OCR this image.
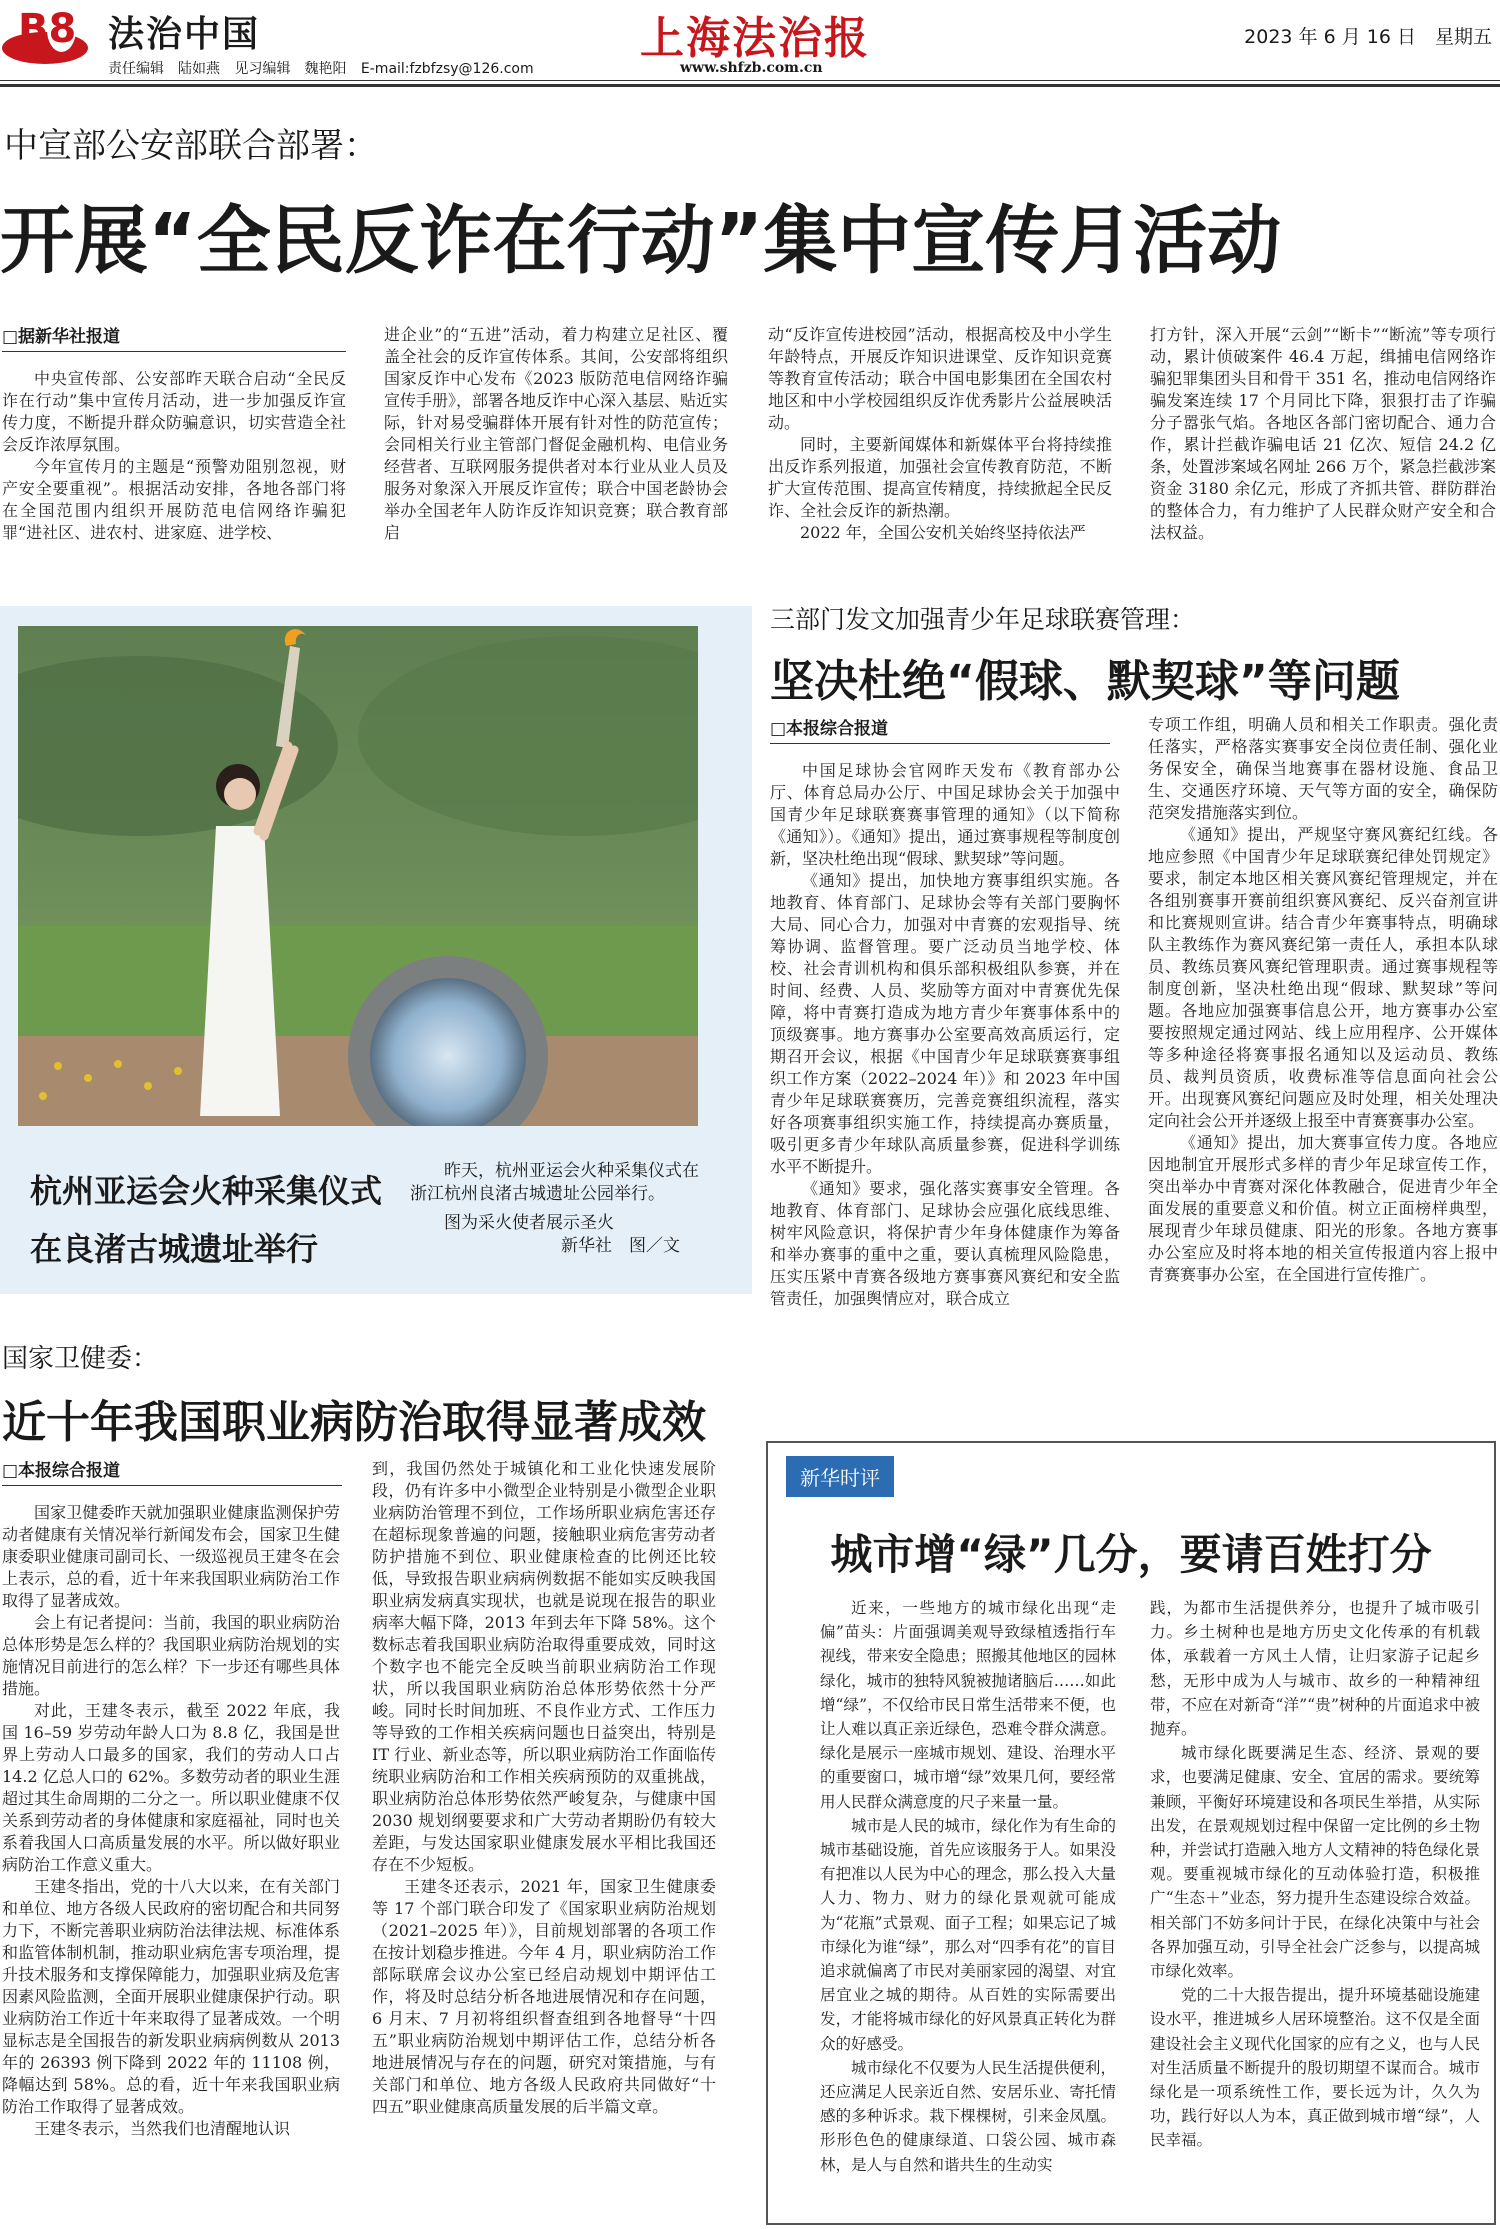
B8 法治中国
责任编辑　陆如燕 见习编辑　魏艳阳 E-mail:fzbfzsy@126.com
上海法治报
www.shfzb.com.cn
2023 年 6 月 16 日　星期五
中宣部公安部联合部署：
开展“全民反诈在行动”集中宣传月活动
□据新华社报道

中央宣传部、公安部昨天联合启动“全民反诈在行动”集中宣传月活动，进一步加强反诈宣传力度，不断提升群众防骗意识，切实营造全社会反诈浓厚氛围。

今年宣传月的主题是“预警劝阻别忽视，财产安全要重视”。根据活动安排，各地各部门将在全国范围内组织开展防范电信网络诈骗犯罪“进社区、进农村、进家庭、进学校、

进企业”的“五进”活动，着力构建立足社区、覆盖全社会的反诈宣传体系。其间，公安部将组织国家反诈中心发布《2023 版防范电信网络诈骗宣传手册》，部署各地反诈中心深入基层、贴近实际，针对易受骗群体开展有针对性的防范宣传；会同相关行业主管部门督促金融机构、电信业务经营者、互联网服务提供者对本行业从业人员及服务对象深入开展反诈宣传；联合中国老龄协会举办全国老年人防诈反诈知识竞赛；联合教育部启

动“反诈宣传进校园”活动，根据高校及中小学生年龄特点，开展反诈知识进课堂、反诈知识竞赛等教育宣传活动；联合中国电影集团在全国农村地区和中小学校园组织反诈优秀影片公益展映活动。

同时，主要新闻媒体和新媒体平台将持续推出反诈系列报道，加强社会宣传教育防范，不断扩大宣传范围、提高宣传精度，持续掀起全民反诈、全社会反诈的新热潮。

2022 年，全国公安机关始终坚持依法严

打方针，深入开展“云剑”“断卡”“断流”等专项行动，累计侦破案件 46.4 万起，缉捕电信网络诈骗犯罪集团头目和骨干 351 名，推动电信网络诈骗发案连续 17 个月同比下降，狠狠打击了诈骗分子嚣张气焰。各地区各部门密切配合、通力合作，累计拦截诈骗电话 21 亿次、短信 24.2 亿条，处置涉案域名网址 266 万个，紧急拦截涉案资金 3180 余亿元，形成了齐抓共管、群防群治的整体合力，有力维护了人民群众财产安全和合法权益。

杭州亚运会火种采集仪式在良渚古城遗址举行

昨天，杭州亚运会火种采集仪式在浙江杭州良渚古城遗址公园举行。

图为采火使者展示圣火

新华社　图／文

三部门发文加强青少年足球联赛管理：
坚决杜绝“假球、默契球”等问题
□本报综合报道

中国足球协会官网昨天发布《教育部办公厅、体育总局办公厅、中国足球协会关于加强中国青少年足球联赛赛事管理的通知》（以下简称《通知》）。《通知》提出，通过赛事规程等制度创新，坚决杜绝出现“假球、默契球”等问题。

《通知》提出，加快地方赛事组织实施。各地教育、体育部门、足球协会等有关部门要胸怀大局、同心合力，加强对中青赛的宏观指导、统筹协调、监督管理。要广泛动员当地学校、体校、社会青训机构和俱乐部积极组队参赛，并在时间、经费、人员、奖励等方面对中青赛优先保障，将中青赛打造成为地方青少年赛事体系中的顶级赛事。地方赛事办公室要高效高质运行，定期召开会议，根据《中国青少年足球联赛赛事组织工作方案（2022–2024 年）》和 2023 年中国青少年足球联赛赛历，完善竞赛组织流程，落实好各项赛事组织实施工作，持续提高办赛质量，吸引更多青少年球队高质量参赛，促进科学训练水平不断提升。

《通知》要求，强化落实赛事安全管理。各地教育、体育部门、足球协会应强化底线思维、树牢风险意识，将保护青少年身体健康作为筹备和举办赛事的重中之重，要认真梳理风险隐患，压实压紧中青赛各级地方赛事赛风赛纪和安全监管责任，加强舆情应对，联合成立

专项工作组，明确人员和相关工作职责。强化责任落实，严格落实赛事安全岗位责任制、强化业务保安全，确保当地赛事在器材设施、食品卫生、交通医疗环境、天气等方面的安全，确保防范突发措施落实到位。

《通知》提出，严规坚守赛风赛纪红线。各地应参照《中国青少年足球联赛纪律处罚规定》要求，制定本地区相关赛风赛纪管理规定，并在各组别赛事开赛前组织赛风赛纪、反兴奋剂宣讲和比赛规则宣讲。结合青少年赛事特点，明确球队主教练作为赛风赛纪第一责任人，承担本队球员、教练员赛风赛纪管理职责。通过赛事规程等制度创新，坚决杜绝出现“假球、默契球”等问题。各地应加强赛事信息公开，地方赛事办公室要按照规定通过网站、线上应用程序、公开媒体等多种途径将赛事报名通知以及运动员、教练员、裁判员资质，收费标准等信息面向社会公开。出现赛风赛纪问题应及时处理，相关处理决定向社会公开并逐级上报至中青赛赛事办公室。

《通知》提出，加大赛事宣传力度。各地应因地制宜开展形式多样的青少年足球宣传工作，突出举办中青赛对深化体教融合，促进青少年全面发展的重要意义和价值。树立正面榜样典型，展现青少年球员健康、阳光的形象。各地方赛事办公室应及时将本地的相关宣传报道内容上报中青赛赛事办公室，在全国进行宣传推广。

国家卫健委：
近十年我国职业病防治取得显著成效
□本报综合报道

国家卫健委昨天就加强职业健康监测保护劳动者健康有关情况举行新闻发布会，国家卫生健康委职业健康司副司长、一级巡视员王建冬在会上表示，总的看，近十年来我国职业病防治工作取得了显著成效。

会上有记者提问：当前，我国的职业病防治总体形势是怎么样的？我国职业病防治规划的实施情况目前进行的怎么样？下一步还有哪些具体措施。

对此，王建冬表示，截至 2022 年底，我国 16–59 岁劳动年龄人口为 8.8 亿，我国是世界上劳动人口最多的国家，我们的劳动人口占 14.2 亿总人口的 62%。多数劳动者的职业生涯超过其生命周期的二分之一。所以职业健康不仅关系到劳动者的身体健康和家庭福祉，同时也关系着我国人口高质量发展的水平。所以做好职业病防治工作意义重大。

王建冬指出，党的十八大以来，在有关部门和单位、地方各级人民政府的密切配合和共同努力下，不断完善职业病防治法律法规、标准体系和监管体制机制，推动职业病危害专项治理，提升技术服务和支撑保障能力，加强职业病及危害因素风险监测，全面开展职业健康保护行动。职业病防治工作近十年来取得了显著成效。一个明显标志是全国报告的新发职业病病例数从 2013 年的 26393 例下降到 2022 年的 11108 例，降幅达到 58%。总的看，近十年来我国职业病防治工作取得了显著成效。

王建冬表示，当然我们也清醒地认识

到，我国仍然处于城镇化和工业化快速发展阶段，仍有许多中小微型企业特别是小微型企业职业病防治管理不到位，工作场所职业病危害还存在超标现象普遍的问题，接触职业病危害劳动者防护措施不到位、职业健康检查的比例还比较低，导致报告职业病病例数据不能如实反映我国职业病发病真实现状，也就是说现在报告的职业病率大幅下降，2013 年到去年下降 58%。这个数标志着我国职业病防治取得重要成效，同时这个数字也不能完全反映当前职业病防治工作现状，所以我国职业病防治总体形势依然十分严峻。同时长时间加班、不良作业方式、工作压力等导致的工作相关疾病问题也日益突出，特别是 IT 行业、新业态等，所以职业病防治工作面临传统职业病防治和工作相关疾病预防的双重挑战，职业病防治总体形势依然严峻复杂，与健康中国 2030 规划纲要要求和广大劳动者期盼仍有较大差距，与发达国家职业健康发展水平相比我国还存在不少短板。

王建冬还表示，2021 年，国家卫生健康委等 17 个部门联合印发了《国家职业病防治规划（2021–2025 年）》，目前规划部署的各项工作在按计划稳步推进。今年 4 月，职业病防治工作部际联席会议办公室已经启动规划中期评估工作，将及时总结分析各地进展情况和存在问题，6 月末、7 月初将组织督查组到各地督导“十四五”职业病防治规划中期评估工作，总结分析各地进展情况与存在的问题，研究对策措施，与有关部门和单位、地方各级人民政府共同做好“十四五”职业健康高质量发展的后半篇文章。

新华时评
城市增“绿”几分，要请百姓打分

近来，一些地方的城市绿化出现“走偏”苗头：片面强调美观导致绿植透指行车视线，带来安全隐患；照搬其他地区的园林绿化，城市的独特风貌被抛诸脑后……如此增“绿”，不仅给市民日常生活带来不便，也让人难以真正亲近绿色，恐难令群众满意。绿化是展示一座城市规划、建设、治理水平的重要窗口，城市增“绿”效果几何，要经常用人民群众满意度的尺子来量一量。

城市是人民的城市，绿化作为有生命的城市基础设施，首先应该服务于人。如果没有把准以人民为中心的理念，那么投入大量人力、物力、财力的绿化景观就可能成为“花瓶”式景观、面子工程；如果忘记了城市绿化为谁“绿”，那么对“四季有花”的盲目追求就偏离了市民对美丽家园的渴望、对宜居宜业之城的期待。从百姓的实际需要出发，才能将城市绿化的好风景真正转化为群众的好感受。

城市绿化不仅要为人民生活提供便利，还应满足人民亲近自然、安居乐业、寄托情感的多种诉求。栽下棵棵树，引来金凤凰。形形色色的健康绿道、口袋公园、城市森林，是人与自然和谐共生的生动实

践，为都市生活提供养分，也提升了城市吸引力。乡土树种也是地方历史文化传承的有机载体，承载着一方风土人情，让归家游子记起乡愁，无形中成为人与城市、故乡的一种精神纽带，不应在对新奇“洋”“贵”树种的片面追求中被抛弃。

城市绿化既要满足生态、经济、景观的要求，也要满足健康、安全、宜居的需求。要统筹兼顾，平衡好环境建设和各项民生举措，从实际出发，在景观规划过程中保留一定比例的乡土物种，并尝试打造融入地方人文精神的特色绿化景观。要重视城市绿化的互动体验打造，积极推广“生态＋”业态，努力提升生态建设综合效益。相关部门不妨多问计于民，在绿化决策中与社会各界加强互动，引导全社会广泛参与，以提高城市绿化效率。

党的二十大报告提出，提升环境基础设施建设水平，推进城乡人居环境整治。这不仅是全面建设社会主义现代化国家的应有之义，也与人民对生活质量不断提升的殷切期望不谋而合。城市绿化是一项系统性工作，要长远为计，久久为功，践行好以人为本，真正做到城市增“绿”，人民幸福。
